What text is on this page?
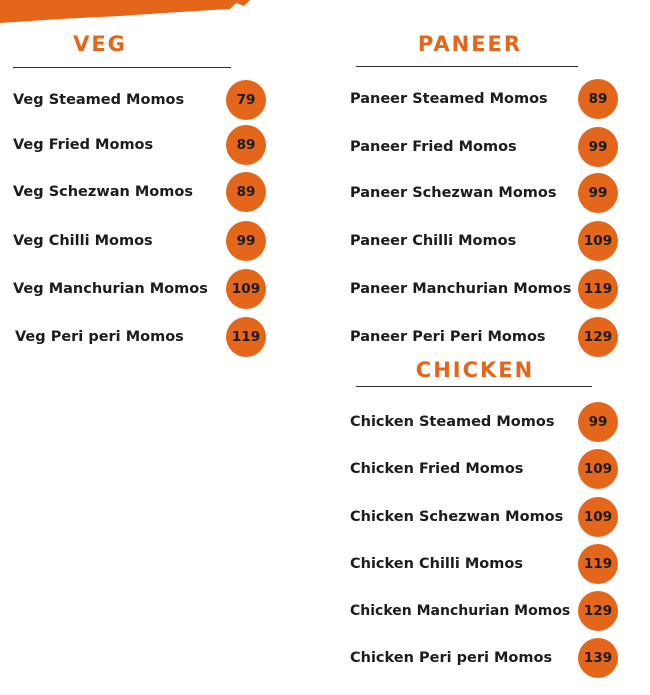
VEG
Veg Steamed Momos	79
Veg Fried Momos	89
Veg Schezwan Momos	89
Veg Chilli Momos	99
Veg Manchurian Momos	109
Veg Peri peri Momos	119
PANEER
Paneer Steamed Momos	89
Paneer Fried Momos	99
Paneer Schezwan Momos	99
Paneer Chilli Momos	109
Paneer Manchurian Momos 119
Paneer Peri Peri Momos	129
CHICKEN
Chicken Steamed Momos	99
Chicken Fried Momos	109
Chicken Schezwan Momos	109
Chicken Chilli Momos	119
Chicken Manchurian Momos	129
Chicken Peri peri Momos	139
